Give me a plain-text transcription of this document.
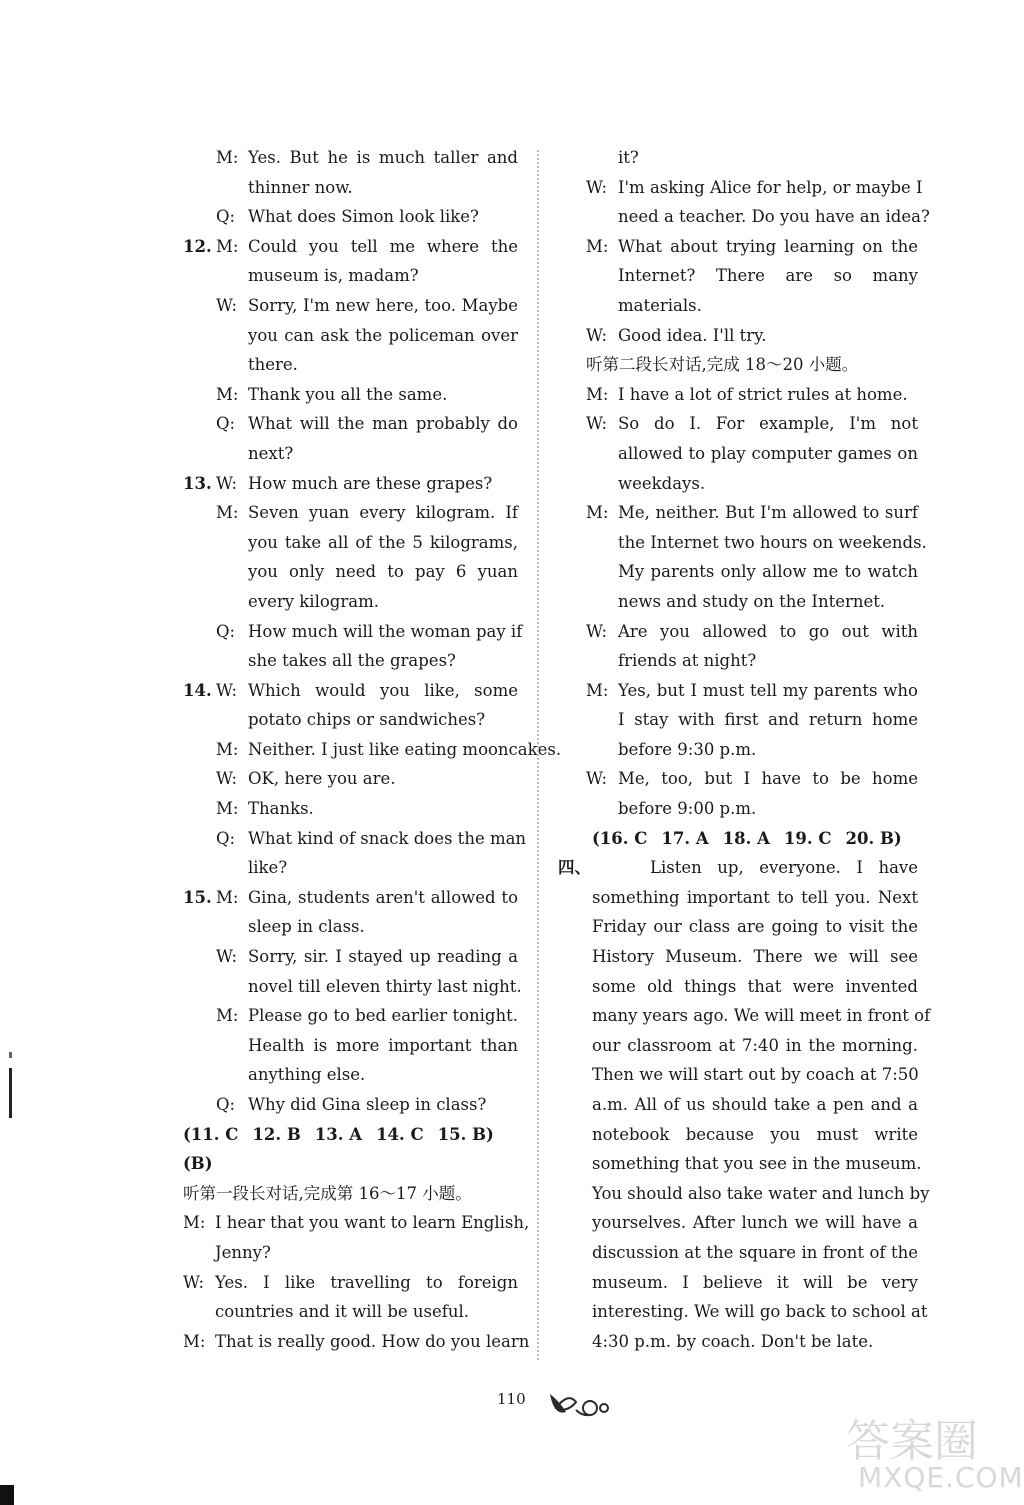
M: Yes. But he is much taller and
thinner now.
Q: What does Simon look like?
12. M: Could you tell me where the
museum is, madam?
W: Sorry, I'm new here, too. Maybe
you can ask the policeman over
there.
M: Thank you all the same.
Q: What will the man probably do
next?
13. W: How much are these grapes?
M: Seven yuan every kilogram. If
you take all of the 5 kilograms,
you only need to pay 6 yuan
every kilogram.
Q: How much will the woman pay if
she takes all the grapes?
14. W: Which would you like, some
potato chips or sandwiches?
M: Neither. I just like eating mooncakes.
W: OK, here you are.
M: Thanks.
Q: What kind of snack does the man
like?
15. M: Gina, students aren't allowed to
sleep in class.
W: Sorry, sir. I stayed up reading a
novel till eleven thirty last night.
M: Please go to bed earlier tonight.
Health is more important than
anything else.
Q: Why did Gina sleep in class?
(11. C 12. B 13. A 14. C 15. B)
(B)
听第一段长对话,完成第 16～17 小题。
M: I hear that you want to learn English,
Jenny?
W: Yes. I like travelling to foreign
countries and it will be useful.
M: That is really good. How do you learn
it?
W: I'm asking Alice for help, or maybe I
need a teacher. Do you have an idea?
M: What about trying learning on the
Internet? There are so many
materials.
W: Good idea. I'll try.
听第二段长对话,完成 18～20 小题。
M: I have a lot of strict rules at home.
W: So do I. For example, I'm not
allowed to play computer games on
weekdays.
M: Me, neither. But I'm allowed to surf
the Internet two hours on weekends.
My parents only allow me to watch
news and study on the Internet.
W: Are you allowed to go out with
friends at night?
M: Yes, but I must tell my parents who
I stay with first and return home
before 9:30 p.m.
W: Me, too, but I have to be home
before 9:00 p.m.
(16. C 17. A 18. A 19. C 20. B)
四、	Listen up, everyone. I have
something important to tell you. Next
Friday our class are going to visit the
History Museum. There we will see
some old things that were invented
many years ago. We will meet in front of
our classroom at 7:40 in the morning.
Then we will start out by coach at 7:50
a.m. All of us should take a pen and a
notebook because you must write
something that you see in the museum.
You should also take water and lunch by
yourselves. After lunch we will have a
discussion at the square in front of the
museum. I believe it will be very
interesting. We will go back to school at
4:30 p.m. by coach. Don't be late.
110
答案圈
MXQE.COM
